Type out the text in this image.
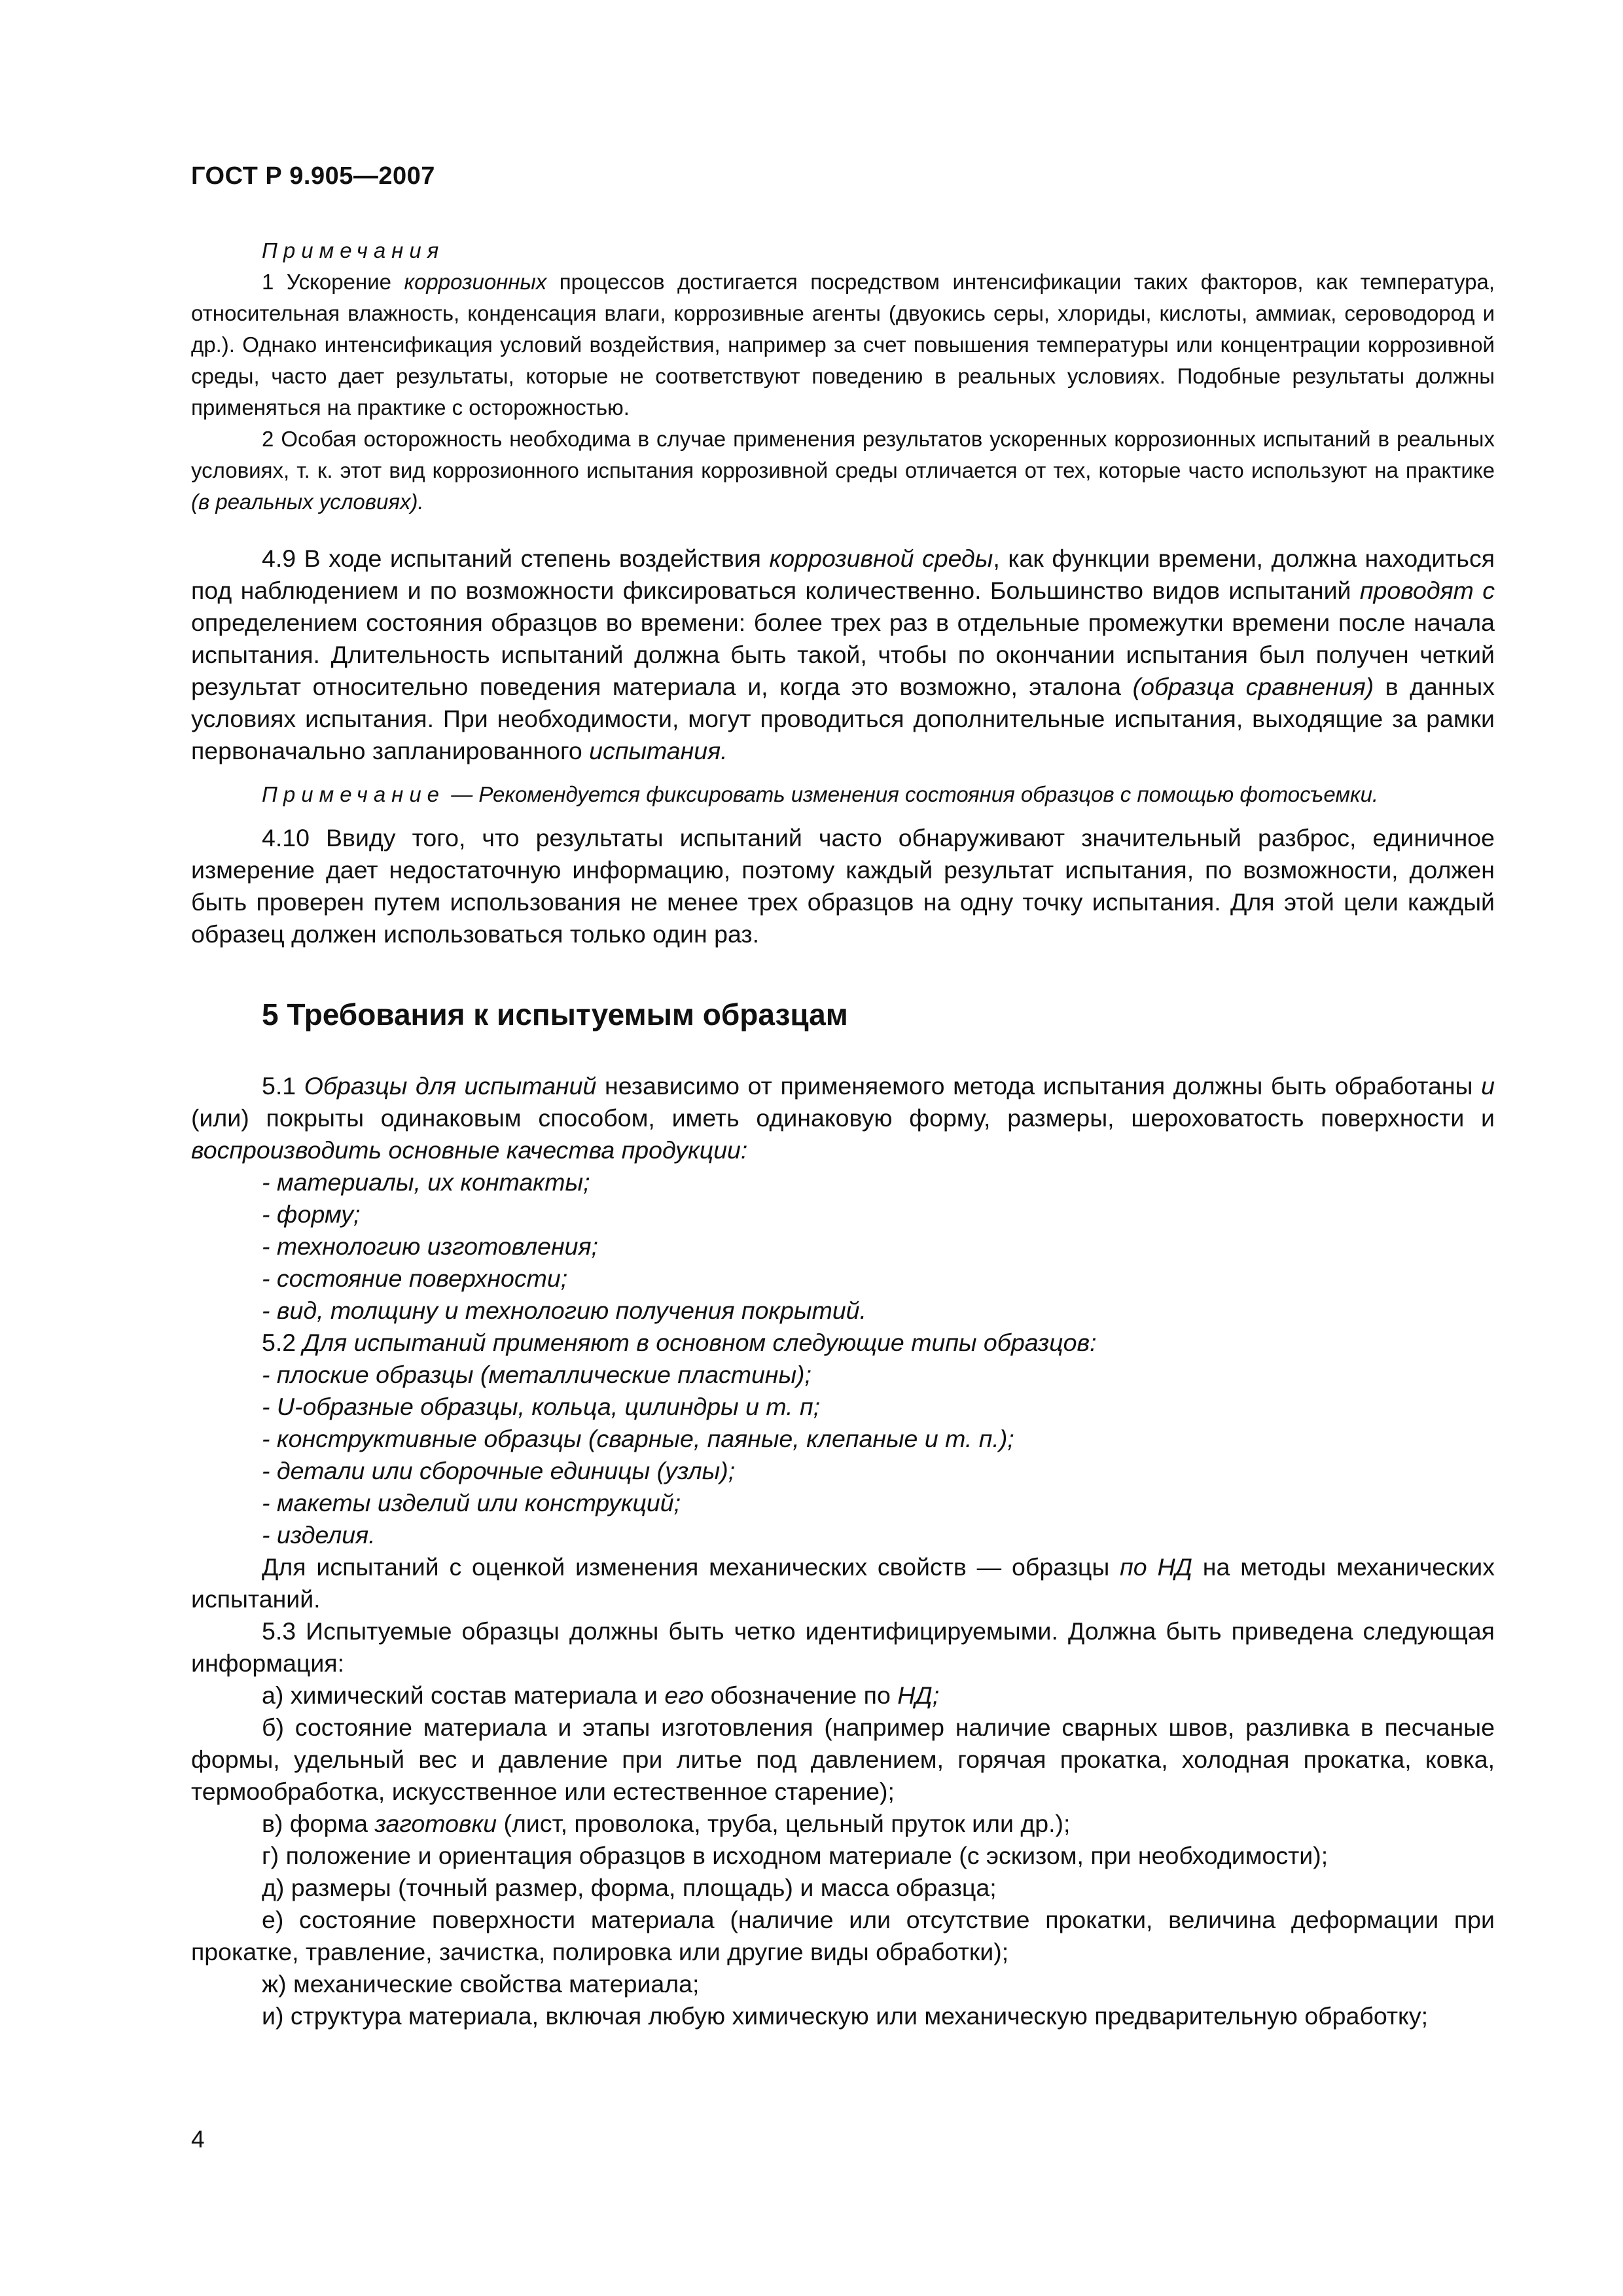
ГОСТ Р 9.905—2007
Примечания

1 Ускорение коррозионных процессов достигается посредством интенсификации таких факторов, как температура, относительная влажность, конденсация влаги, коррозивные агенты (двуокись серы, хлориды, кислоты, аммиак, сероводород и др.). Однако интенсификация условий воздействия, например за счет повышения температуры или концентрации коррозивной среды, часто дает результаты, которые не соответствуют поведению в реальных условиях. Подобные результаты должны применяться на практике с осторожностью.

2 Особая осторожность необходима в случае применения результатов ускоренных коррозионных испытаний в реальных условиях, т. к. этот вид коррозионного испытания коррозивной среды отличается от тех, которые часто используют на практике (в реальных условиях).

4.9 В ходе испытаний степень воздействия коррозивной среды, как функции времени, должна находиться под наблюдением и по возможности фиксироваться количественно. Большинство видов испытаний проводят с определением состояния образцов во времени: более трех раз в отдельные промежутки времени после начала испытания. Длительность испытаний должна быть такой, чтобы по окончании испытания был получен четкий результат относительно поведения материала и, когда это возможно, эталона (образца сравнения) в данных условиях испытания. При необходимости, могут проводиться дополнительные испытания, выходящие за рамки первоначально запланированного испытания.

Примечание — Рекомендуется фиксировать изменения состояния образцов с помощью фотосъемки.

4.10 Ввиду того, что результаты испытаний часто обнаруживают значительный разброс, единичное измерение дает недостаточную информацию, поэтому каждый результат испытания, по возможности, должен быть проверен путем использования не менее трех образцов на одну точку испытания. Для этой цели каждый образец должен использоваться только один раз.

5 Требования к испытуемым образцам

5.1 Образцы для испытаний независимо от применяемого метода испытания должны быть обработаны и (или) покрыты одинаковым способом, иметь одинаковую форму, размеры, шероховатость поверхности и воспроизводить основные качества продукции:

- материалы, их контакты;

- форму;

- технологию изготовления;

- состояние поверхности;

- вид, толщину и технологию получения покрытий.

5.2 Для испытаний применяют в основном следующие типы образцов:

- плоские образцы (металлические пластины);

- U-образные образцы, кольца, цилиндры и т. п;

- конструктивные образцы (сварные, паяные, клепаные и т. п.);

- детали или сборочные единицы (узлы);

- макеты изделий или конструкций;

- изделия.

Для испытаний с оценкой изменения механических свойств — образцы по НД на методы механических испытаний.

5.3 Испытуемые образцы должны быть четко идентифицируемыми. Должна быть приведена следующая информация:

а) химический состав материала и его обозначение по НД;

б) состояние материала и этапы изготовления (например наличие сварных швов, разливка в песчаные формы, удельный вес и давление при литье под давлением, горячая прокатка, холодная прокатка, ковка, термообработка, искусственное или естественное старение);

в) форма заготовки (лист, проволока, труба, цельный пруток или др.);

г) положение и ориентация образцов в исходном материале (с эскизом, при необходимости);

д) размеры (точный размер, форма, площадь) и масса образца;

е) состояние поверхности материала (наличие или отсутствие прокатки, величина деформации при прокатке, травление, зачистка, полировка или другие виды обработки);

ж) механические свойства материала;

и) структура материала, включая любую химическую или механическую предварительную обработку;

4
